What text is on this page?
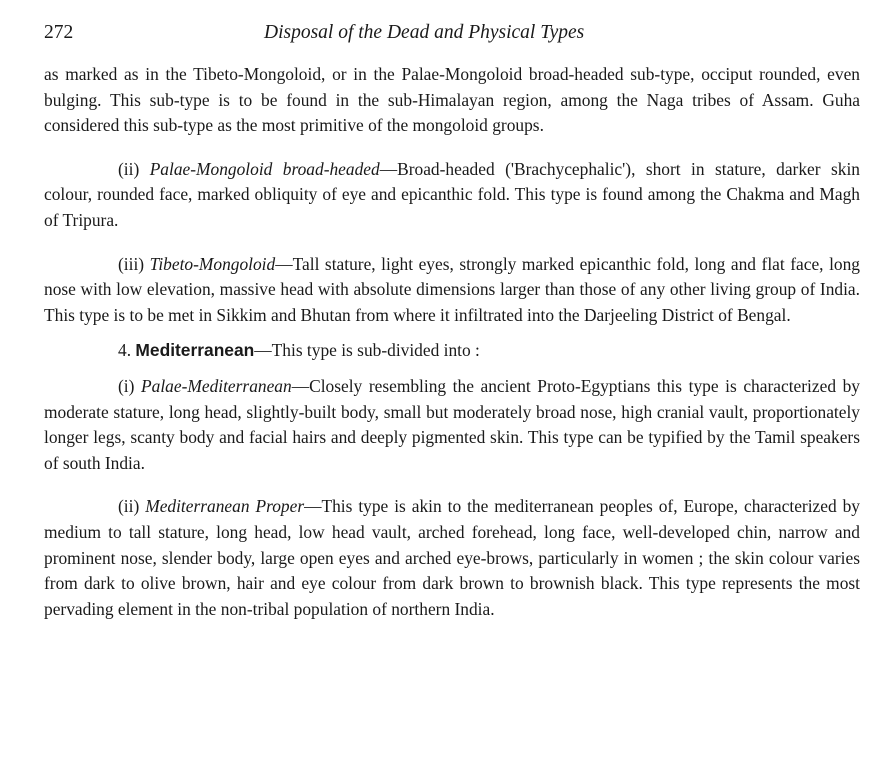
272	Disposal of the Dead and Physical Types

as marked as in the Tibeto-Mongoloid, or in the Palae-Mongoloid broad-headed sub-type, occiput rounded, even bulging. This sub-type is to be found in the sub-Himalayan region, among the Naga tribes of Assam. Guha considered this sub-type as the most primitive of the mongoloid groups.

(ii) Palae-Mongoloid broad-headed—Broad-headed ('Brachycephalic'), short in stature, darker skin colour, rounded face, marked obliquity of eye and epicanthic fold. This type is found among the Chakma and Magh of Tripura.

(iii) Tibeto-Mongoloid—Tall stature, light eyes, strongly marked epicanthic fold, long and flat face, long nose with low elevation, massive head with absolute dimensions larger than those of any other living group of India. This type is to be met in Sikkim and Bhutan from where it infiltrated into the Darjeeling District of Bengal.

4. Mediterranean—This type is sub-divided into :

(i) Palae-Mediterranean—Closely resembling the ancient Proto-Egyptians this type is characterized by moderate stature, long head, slightly-built body, small but moderately broad nose, high cranial vault, proportionately longer legs, scanty body and facial hairs and deeply pigmented skin. This type can be typified by the Tamil speakers of south India.

(ii) Mediterranean Proper—This type is akin to the mediterranean peoples of, Europe, characterized by medium to tall stature, long head, low head vault, arched forehead, long face, well-developed chin, narrow and prominent nose, slender body, large open eyes and arched eye-brows, particularly in women ; the skin colour varies from dark to olive brown, hair and eye colour from dark brown to brownish black. This type represents the most pervading element in the non-tribal population of northern India.
